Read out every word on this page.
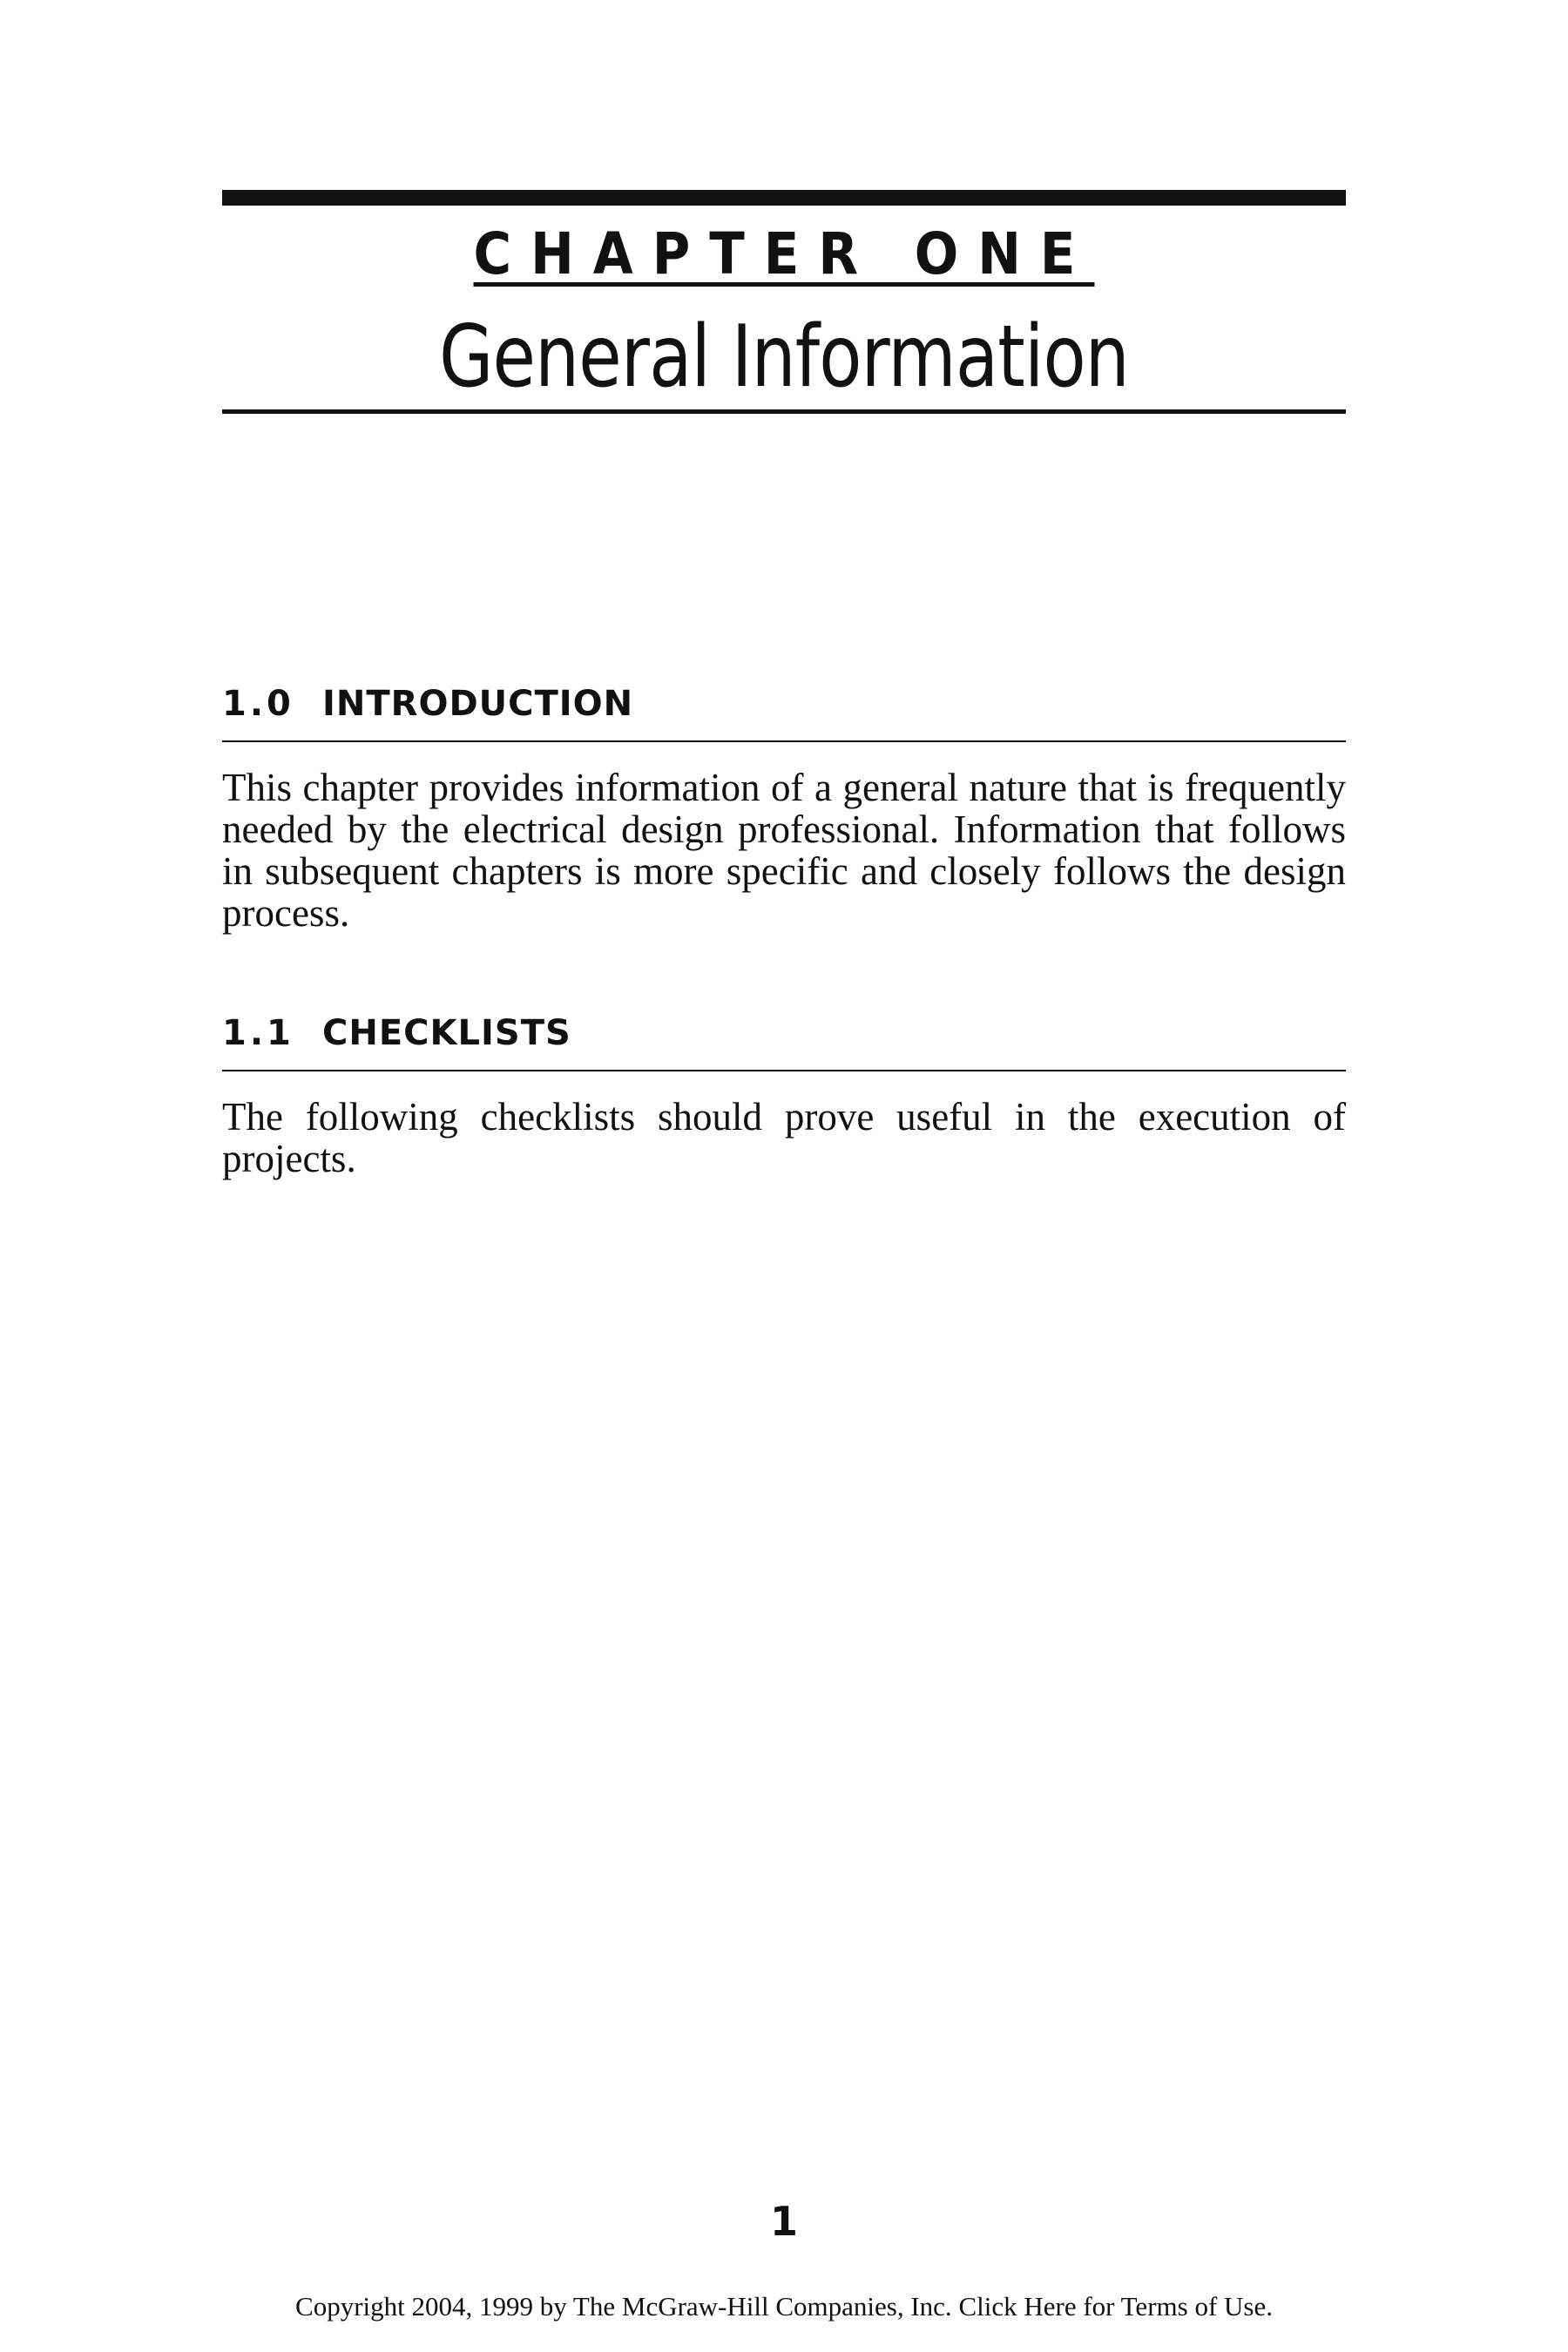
CHAPTER ONE
General Information
1.0 INTRODUCTION
This chapter provides information of a general nature that is frequently needed by the electrical design professional. Information that follows in subsequent chapters is more specific and closely follows the design process.
1.1 CHECKLISTS
The following checklists should prove useful in the execution of projects.
1
Copyright 2004, 1999 by The McGraw-Hill Companies, Inc. Click Here for Terms of Use.
